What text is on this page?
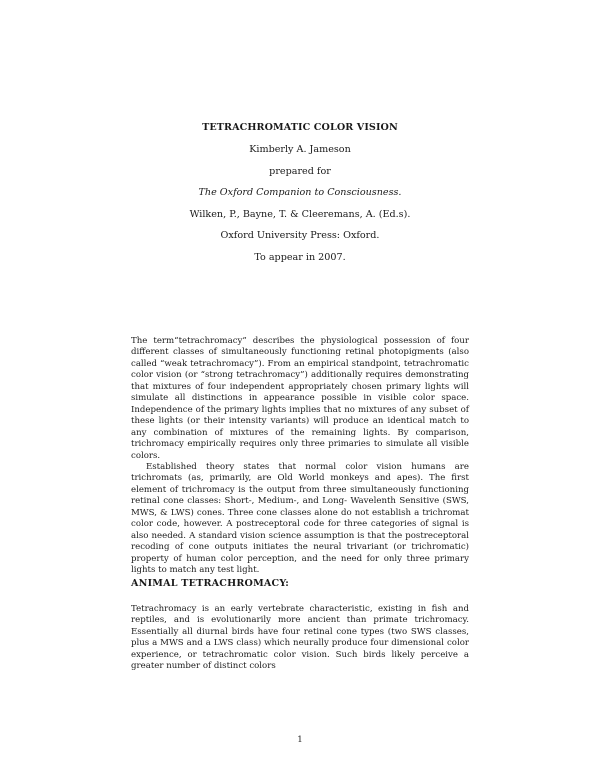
TETRACHROMATIC COLOR VISION
Kimberly A. Jameson
prepared for
The Oxford Companion to Consciousness.
Wilken, P., Bayne, T. & Cleeremans, A. (Ed.s).
Oxford University Press: Oxford.
To appear in 2007.

The term“tetrachromacy” describes the physiological possession of four different classes of simultaneously functioning retinal photopigments (also called “weak tetrachromacy”). From an empirical standpoint, tetrachromatic color vision (or “strong tetrachromacy”) additionally requires demonstrating that mixtures of four independent appropriately chosen primary lights will simulate all distinctions in appearance possible in visible color space. Independence of the primary lights implies that no mixtures of any subset of these lights (or their intensity variants) will produce an identical match to any combination of mixtures of the remaining lights. By comparison, trichromacy empirically requires only three primaries to simulate all visible colors.

Established theory states that normal color vision humans are trichromats (as, primarily, are Old World monkeys and apes). The first element of trichromacy is the output from three simultaneously functioning retinal cone classes: Short-, Medium-, and Long- Wavelenth Sensitive (SWS, MWS, & LWS) cones. Three cone classes alone do not establish a trichromat color code, however. A postreceptoral code for three categories of signal is also needed. A standard vision science assumption is that the postreceptoral recoding of cone outputs initiates the neural trivariant (or trichromatic) property of human color perception, and the need for only three primary lights to match any test light.

ANIMAL TETRACHROMACY:

Tetrachromacy is an early vertebrate characteristic, existing in fish and reptiles, and is evolutionarily more ancient than primate trichromacy. Essentially all diurnal birds have four retinal cone types (two SWS classes, plus a MWS and a LWS class) which neurally produce four dimensional color experience, or tetrachromatic color vision. Such birds likely perceive a greater number of distinct colors

1
